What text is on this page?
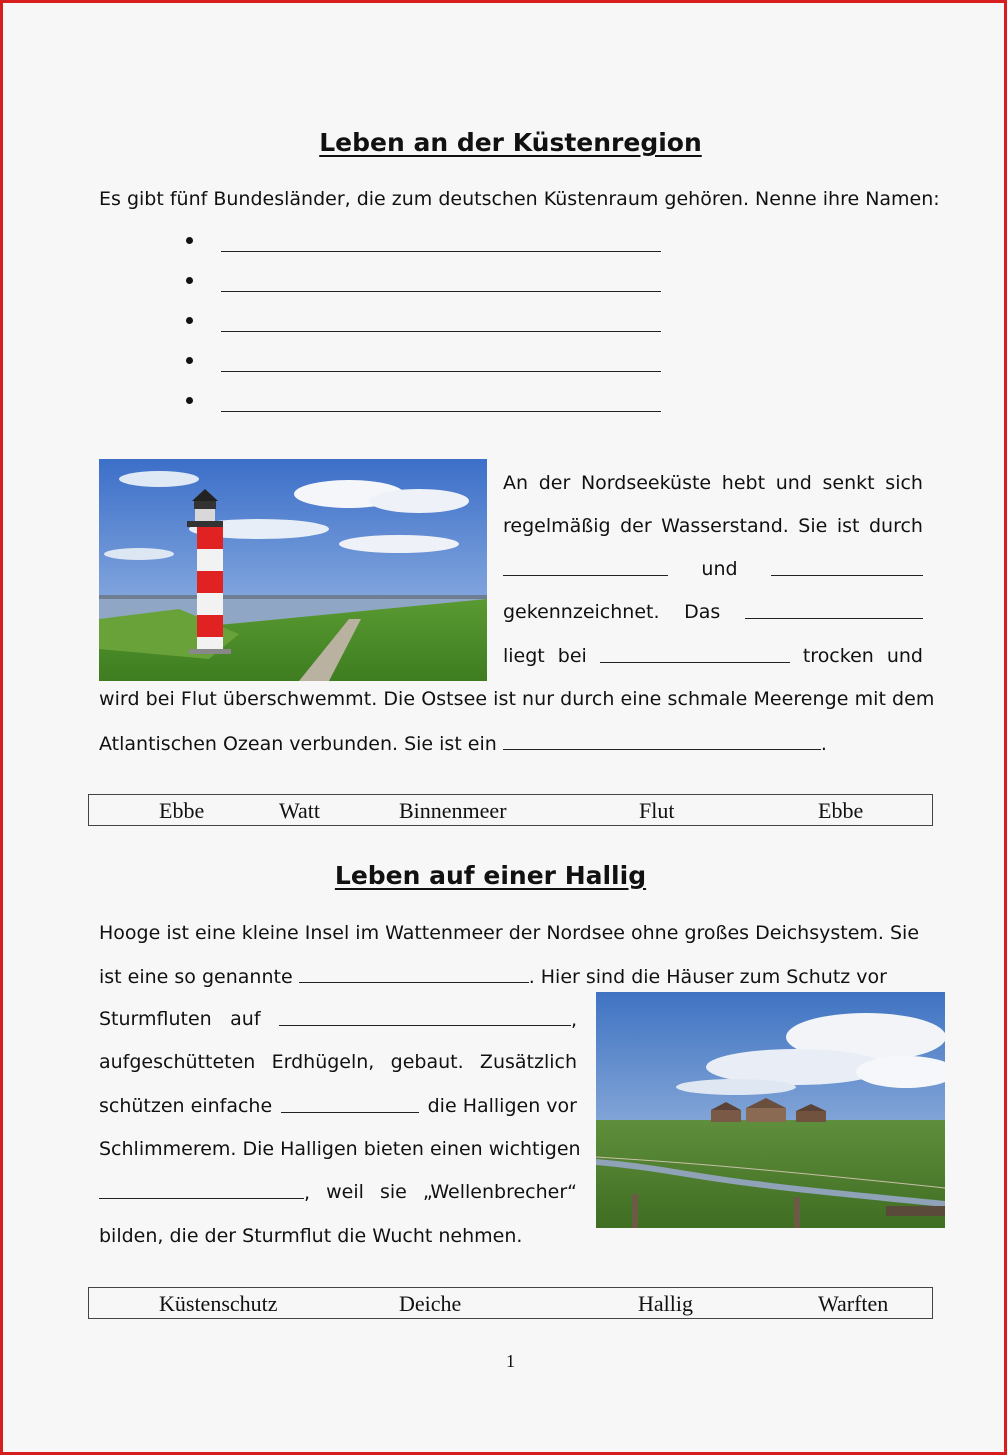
Leben an der Küstenregion
Es gibt fünf Bundesländer, die zum deutschen Küstenraum gehören. Nenne ihre Namen:
An der Nordseeküste hebt und senkt sich
regelmäßig der Wasserstand. Sie ist durch
und
gekennzeichnet. Das
liegt bei	trocken und
wird bei Flut überschwemmt. Die Ostsee ist nur durch eine schmale Meerenge mit dem
Atlantischen Ozean verbunden. Sie ist ein	.
Ebbe	Watt	Binnenmeer	Flut	Ebbe
Leben auf einer Hallig
Hooge ist eine kleine Insel im Wattenmeer der Nordsee ohne großes Deichsystem. Sie
ist eine so genannte	. Hier sind die Häuser zum Schutz vor
Sturmfluten auf	,
aufgeschütteten Erdhügeln, gebaut. Zusätzlich
schützen einfache	die Halligen vor
Schlimmerem. Die Halligen bieten einen wichtigen
, weil sie „Wellenbrecher“
bilden, die der Sturmflut die Wucht nehmen.
Küstenschutz	Deiche	Hallig	Warften
1
